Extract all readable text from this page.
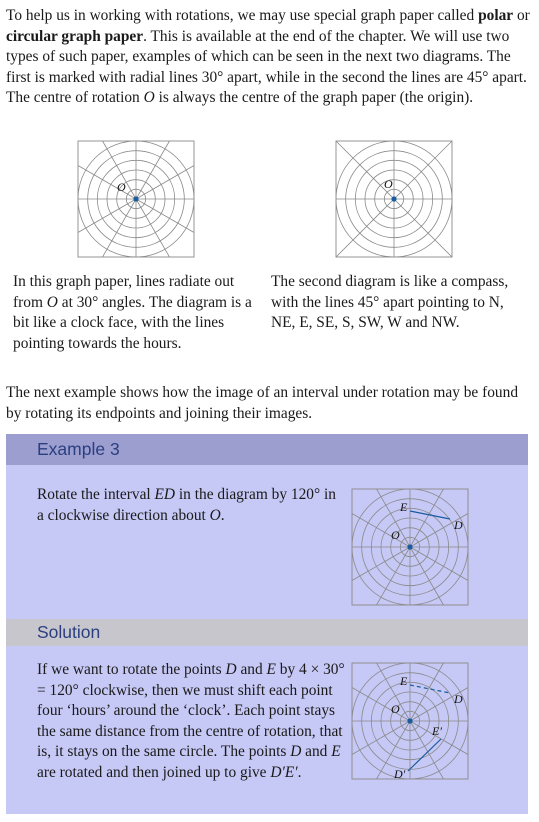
To help us in working with rotations, we may use special graph paper called polar or circular graph paper. This is available at the end of the chapter. We will use two types of such paper, examples of which can be seen in the next two diagrams. The first is marked with radial lines 30° apart, while in the second the lines are 45° apart. The centre of rotation O is always the centre of the graph paper (the origin).

O	O

In this graph paper, lines radiate out from O at 30° angles. The diagram is a bit like a clock face, with the lines pointing towards the hours.

The second diagram is like a compass, with the lines 45° apart pointing to N, NE, E, SE, S, SW, W and NW.

The next example shows how the image of an interval under rotation may be found by rotating its endpoints and joining their images.

Example 3

Rotate the interval ED in the diagram by 120° in a clockwise direction about O.	E
D
O
Solution

If we want to rotate the points D and E by 4 × 30° = 120° clockwise, then we must shift each point four ‘hours’ around the ‘clock’. Each point stays the same distance from the centre of rotation, that is, it stays on the same circle. The points D and E are rotated and then joined up to give D′E′.

E
D
O
E′
D′
